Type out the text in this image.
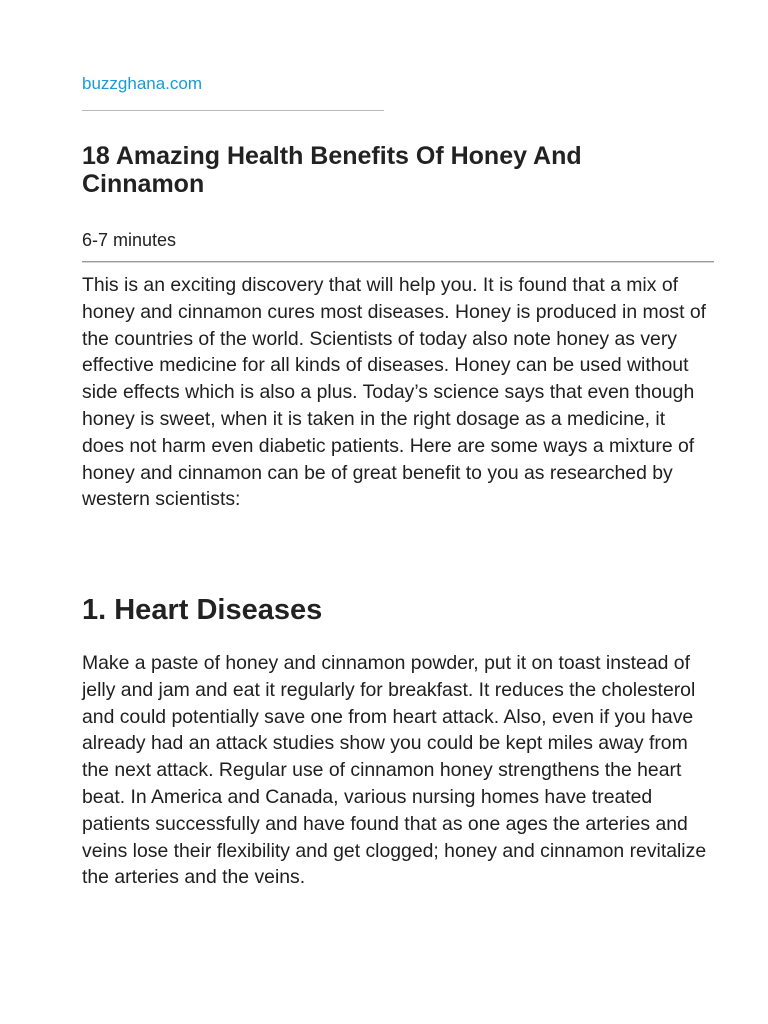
buzzghana.com
18 Amazing Health Benefits Of Honey And Cinnamon
6-7 minutes

This is an exciting discovery that will help you. It is found that a mix of honey and cinnamon cures most diseases. Honey is produced in most of the countries of the world. Scientists of today also note honey as very effective medicine for all kinds of diseases. Honey can be used without side effects which is also a plus. Today’s science says that even though honey is sweet, when it is taken in the right dosage as a medicine, it does not harm even diabetic patients. Here are some ways a mixture of honey and cinnamon can be of great benefit to you as researched by western scientists:

1. Heart Diseases

Make a paste of honey and cinnamon powder, put it on toast instead of jelly and jam and eat it regularly for breakfast. It reduces the cholesterol and could potentially save one from heart attack. Also, even if you have already had an attack studies show you could be kept miles away from the next attack. Regular use of cinnamon honey strengthens the heart beat. In America and Canada, various nursing homes have treated patients successfully and have found that as one ages the arteries and veins lose their flexibility and get clogged; honey and cinnamon revitalize the arteries and the veins.
